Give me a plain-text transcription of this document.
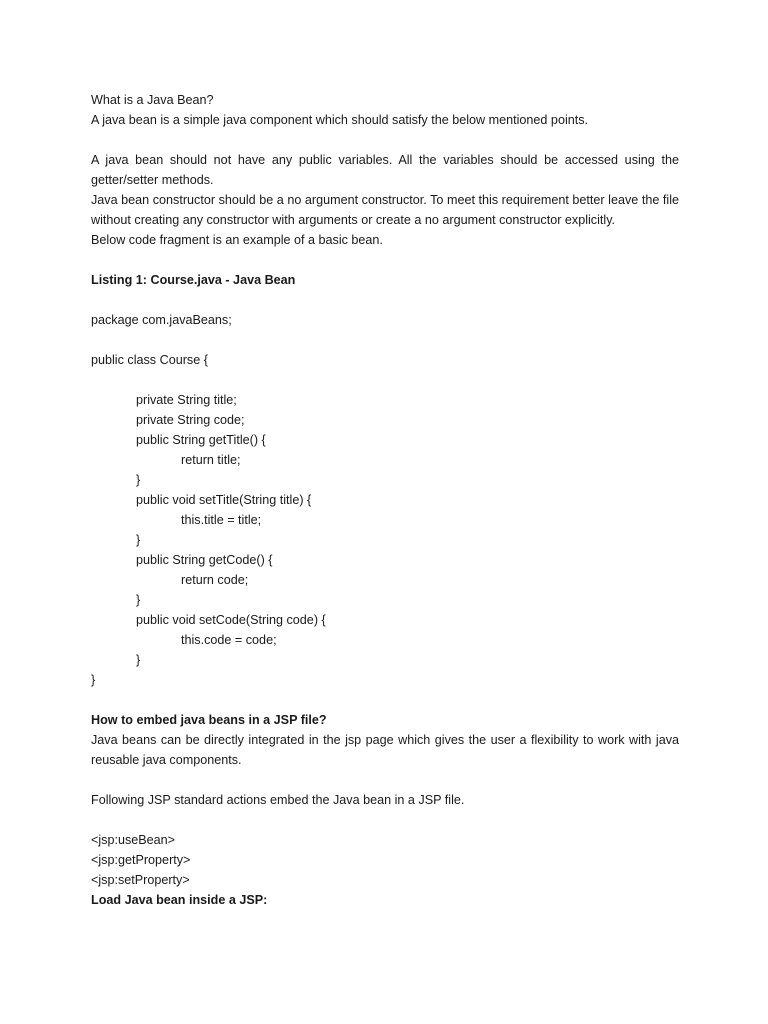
What is a Java Bean?
A java bean is a simple java component which should satisfy the below mentioned points.
A java bean should not have any public variables. All the variables should be accessed using the getter/setter methods.
Java bean constructor should be a no argument constructor. To meet this requirement better leave the file without creating any constructor with arguments or create a no argument constructor explicitly.
Below code fragment is an example of a basic bean.
Listing 1: Course.java - Java Bean
package com.javaBeans;
public class Course {
private String title;
private String code;
public String getTitle() {
return title;
}
public void setTitle(String title) {
this.title = title;
}
public String getCode() {
return code;
}
public void setCode(String code) {
this.code = code;
}
}
How to embed java beans in a JSP file?
Java beans can be directly integrated in the jsp page which gives the user a flexibility to work with java reusable java components.
Following JSP standard actions embed the Java bean in a JSP file.
<jsp:useBean>
<jsp:getProperty>
<jsp:setProperty>
Load Java bean inside a JSP:
